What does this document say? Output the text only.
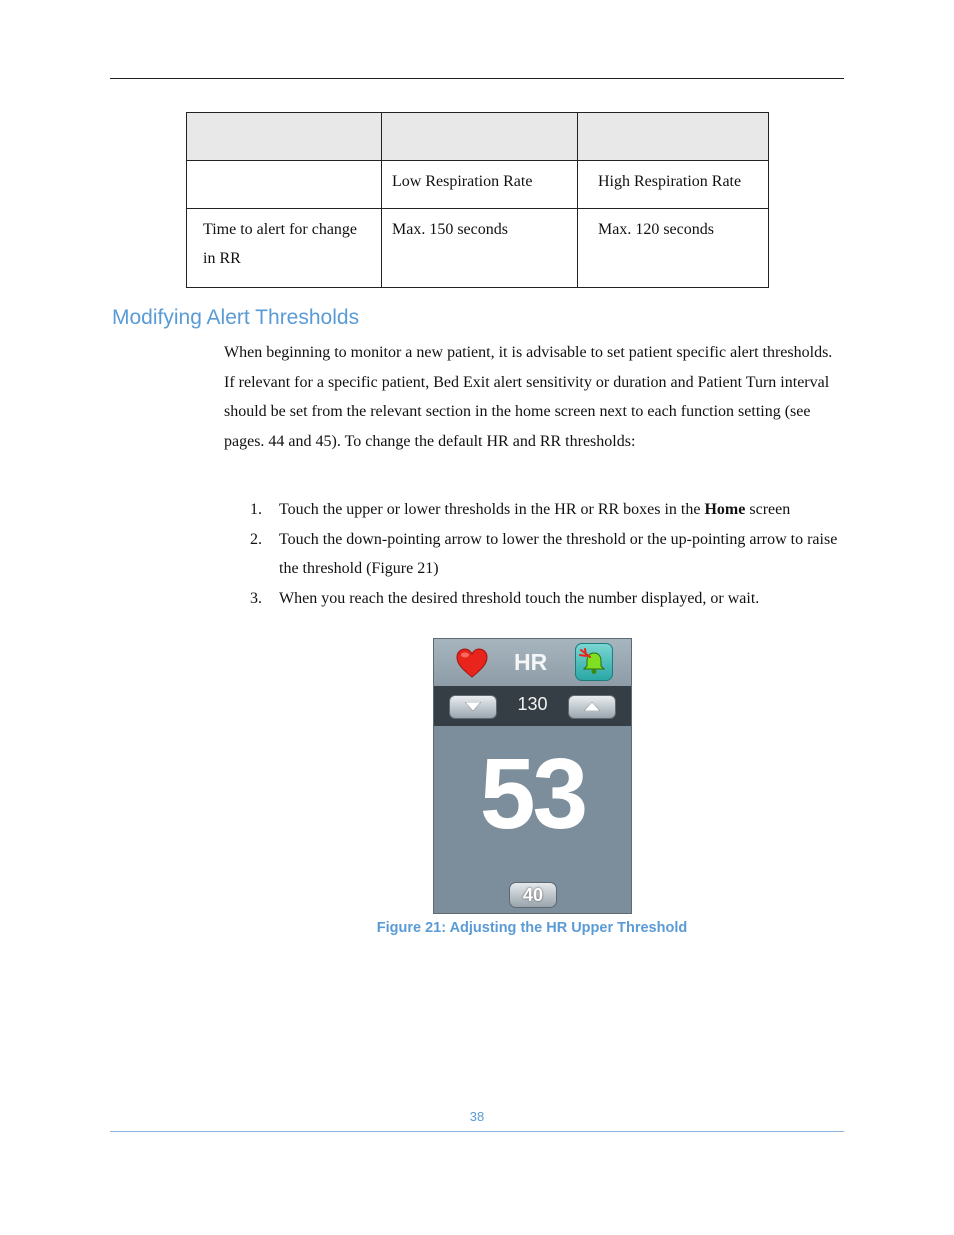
	Low Respiration Rate	High Respiration Rate
Time to alert for change in RR	Max. 150 seconds	Max. 120 seconds
Modifying Alert Thresholds

When beginning to monitor a new patient, it is advisable to set patient specific alert thresholds. If relevant for a specific patient, Bed Exit alert sensitivity or duration and Patient Turn interval should be set from the relevant section in the home screen next to each function setting (see pages. 44 and 45). To change the default HR and RR thresholds:

1. Touch the upper or lower thresholds in the HR or RR boxes in the Home screen
2. Touch the down-pointing arrow to lower the threshold or the up-pointing arrow to raise the threshold (Figure 21)
3. When you reach the desired threshold touch the number displayed, or wait.
HR
130
53
40
Figure 21: Adjusting the HR Upper Threshold
38
